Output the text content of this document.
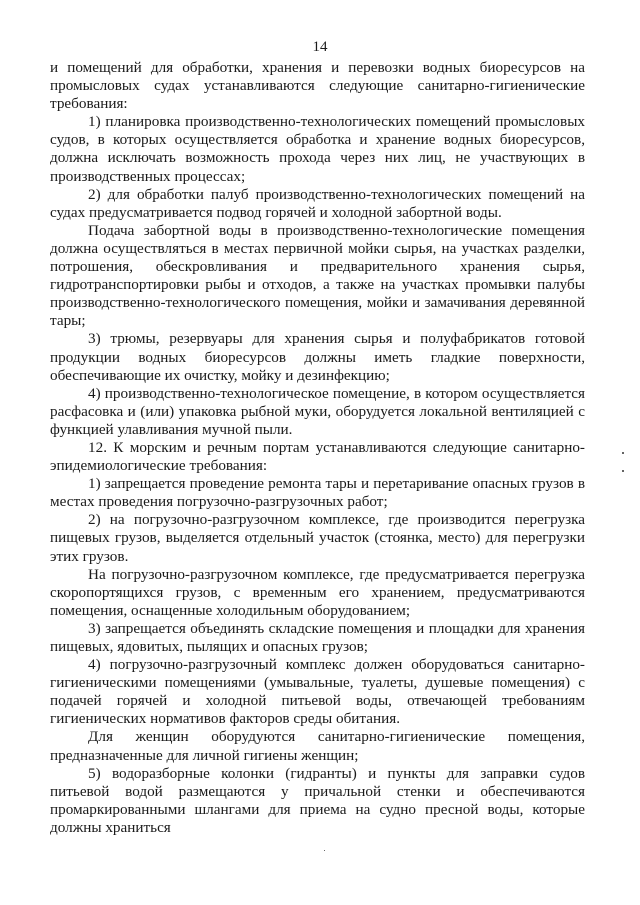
14

и помещений для обработки, хранения и перевозки водных биоресурсов на промысловых судах устанавливаются следующие санитарно-гигиенические требования:

1) планировка производственно-технологических помещений промысловых судов, в которых осуществляется обработка и хранение водных биоресурсов, должна исключать возможность прохода через них лиц, не участвующих в производственных процессах;

2) для обработки палуб производственно-технологических помещений на судах предусматривается подвод горячей и холодной забортной воды.

Подача забортной воды в производственно-технологические помещения должна осуществляться в местах первичной мойки сырья, на участках разделки, потрошения, обескровливания и предварительного хранения сырья, гидротранспортировки рыбы и отходов, а также на участках промывки палубы производственно-технологического помещения, мойки и замачивания деревянной тары;

3) трюмы, резервуары для хранения сырья и полуфабрикатов готовой продукции водных биоресурсов должны иметь гладкие поверхности, обеспечивающие их очистку, мойку и дезинфекцию;

4) производственно-технологическое помещение, в котором осуществляется расфасовка и (или) упаковка рыбной муки, оборудуется локальной вентиляцией с функцией улавливания мучной пыли.

12. К морским и речным портам устанавливаются следующие санитарно-эпидемиологические требования:

1) запрещается проведение ремонта тары и перетаривание опасных грузов в местах проведения погрузочно-разгрузочных работ;

2) на погрузочно-разгрузочном комплексе, где производится перегрузка пищевых грузов, выделяется отдельный участок (стоянка, место) для перегрузки этих грузов.

На погрузочно-разгрузочном комплексе, где предусматривается перегрузка скоропортящихся грузов, с временным его хранением, предусматриваются помещения, оснащенные холодильным оборудованием;

3) запрещается объединять складские помещения и площадки для хранения пищевых, ядовитых, пылящих и опасных грузов;

4) погрузочно-разгрузочный комплекс должен оборудоваться санитарно-гигиеническими помещениями (умывальные, туалеты, душевые помещения) с подачей горячей и холодной питьевой воды, отвечающей требованиям гигиенических нормативов факторов среды обитания.

Для женщин оборудуются санитарно-гигиенические помещения, предназначенные для личной гигиены женщин;

5) водоразборные колонки (гидранты) и пункты для заправки судов питьевой водой размещаются у причальной стенки и обеспечиваются промаркированными шлангами для приема на судно пресной воды, которые должны храниться
